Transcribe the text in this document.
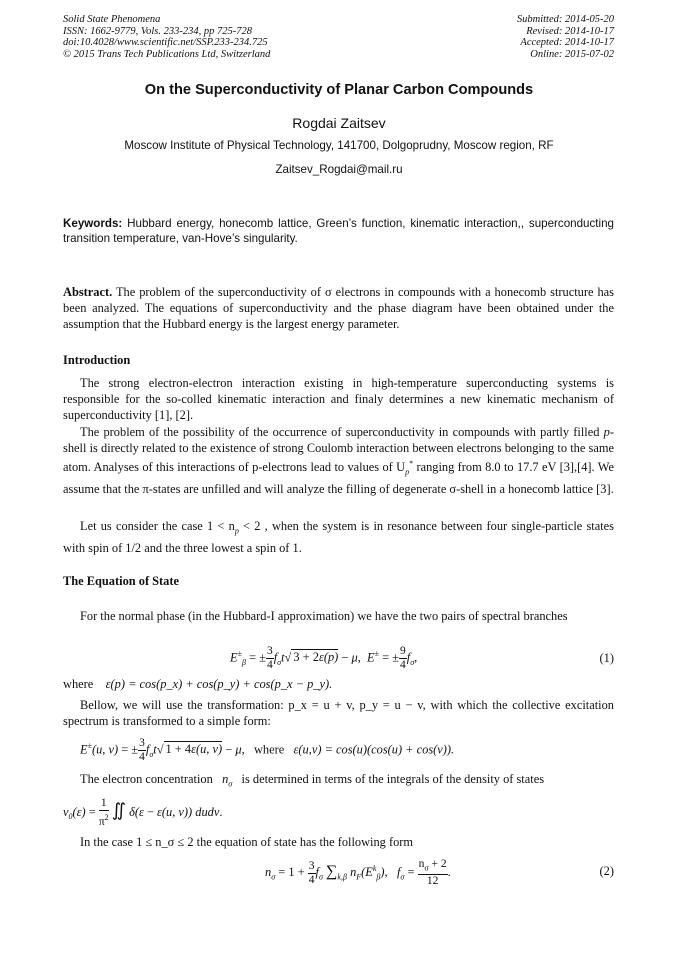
Solid State Phenomena
ISSN: 1662-9779, Vols. 233-234, pp 725-728
doi:10.4028/www.scientific.net/SSP.233-234.725
© 2015 Trans Tech Publications Ltd, Switzerland
Submitted: 2014-05-20
Revised: 2014-10-17
Accepted: 2014-10-17
Online: 2015-07-02
On the Superconductivity of Planar Carbon Compounds
Rogdai Zaitsev
Moscow Institute of Physical Technology, 141700, Dolgoprudny, Moscow region, RF
Zaitsev_Rogdai@mail.ru
Keywords: Hubbard energy, honecomb lattice, Green’s function, kinematic interaction,, superconducting transition temperature, van-Hove’s singularity.
Abstract. The problem of the superconductivity of σ electrons in compounds with a honecomb structure has been analyzed. The equations of superconductivity and the phase diagram have been obtained under the assumption that the Hubbard energy is the largest energy parameter.
Introduction
The strong electron-electron interaction existing in high-temperature superconducting systems is responsible for the so-colled kinematic interaction and finaly determines a new kinematic mechanism of superconductivity [1], [2].
The problem of the possibility of the occurrence of superconductivity in compounds with partly filled p-shell is directly related to the existence of strong Coulomb interaction between electrons belonging to the same atom. Analyses of this interactions of p-electrons lead to values of $U_p^*$ ranging from 8.0 to 17.7 eV [3],[4]. We assume that the π-states are unfilled and will analyze the filling of degenerate σ-shell in a honecomb lattice [3].
Let us consider the case $1 < n_p < 2$ , when the system is in resonance between four single-particle states with spin of 1/2 and the three lowest a spin of 1.
The Equation of State
For the normal phase (in the Hubbard-I approximation) we have the two pairs of spectral branches
$E^\pm_\beta$ = ± $\frac{3}{4} f_\sigma t√$ $3 + 2\varepsilon(\overline{p}) - \mu$,  E± = ± $\frac{9}{4} f_\sigma$,	(1)
where ε(p) = cos(p_x) + cos(p_y) + cos(p_x − p_y).
Bellow, we will use the transformation: p_x = u + v, p_y = u − v, with which the collective excitation spectrum is transformed to a simple form:
E±(u, v) = ± $\frac{3}{4} f_\sigma t√$ 1 + 4ε(u, v) − μ, where ε(u,v) = cos(u)(cos(u) + cos(v)).
The electron concentration $n_\sigma$ is determined in terms of the integrals of the density of states
$\nu_0(\varepsilon) = \frac{1}{\pi^2}$ ∬ δ(ε − ε(u, v)) dudv.
In the case 1 ≤ n_σ ≤ 2 the equation of state has the following form
$n_\sigma = 1 + \frac{3}{4} f_\sigma$ $\sum_{k,\beta}$ $n_F(E^k_\beta)$,   $f_\sigma = \frac{n_\sigma + 2}{12}$ .	(2)
